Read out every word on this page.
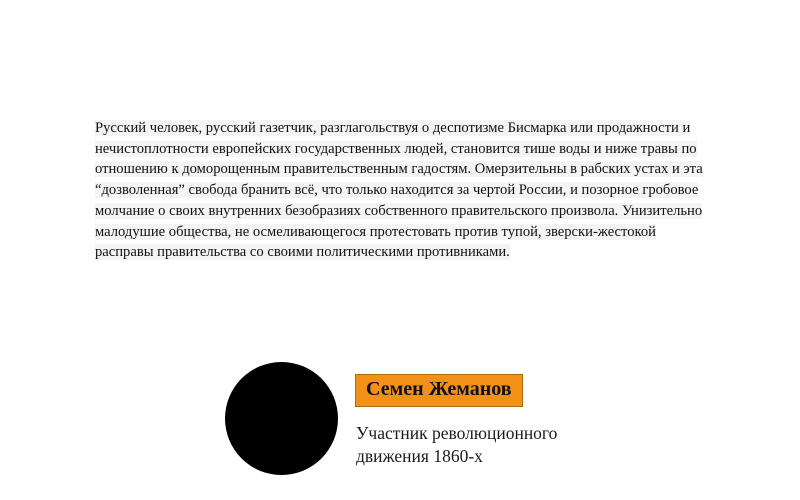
Русский человек, русский газетчик, разглагольствуя о деспотизме Бисмарка или продажности и нечистоплотности европейских государственных людей, становится тише воды и ниже травы по отношению к доморощенным правительственным гадостям. Омерзительны в рабских устах и эта “дозволенная” свобода бранить всё, что только находится за чертой России, и позорное гробовое молчание о своих внутренних безобразиях собственного правительского произвола. Унизительно малодушие общества, не осмеливающегося протестовать против тупой, зверски-жестокой расправы правительства со своими политическими противниками.
Семен Жеманов
Участник революционного
движения 1860-х
